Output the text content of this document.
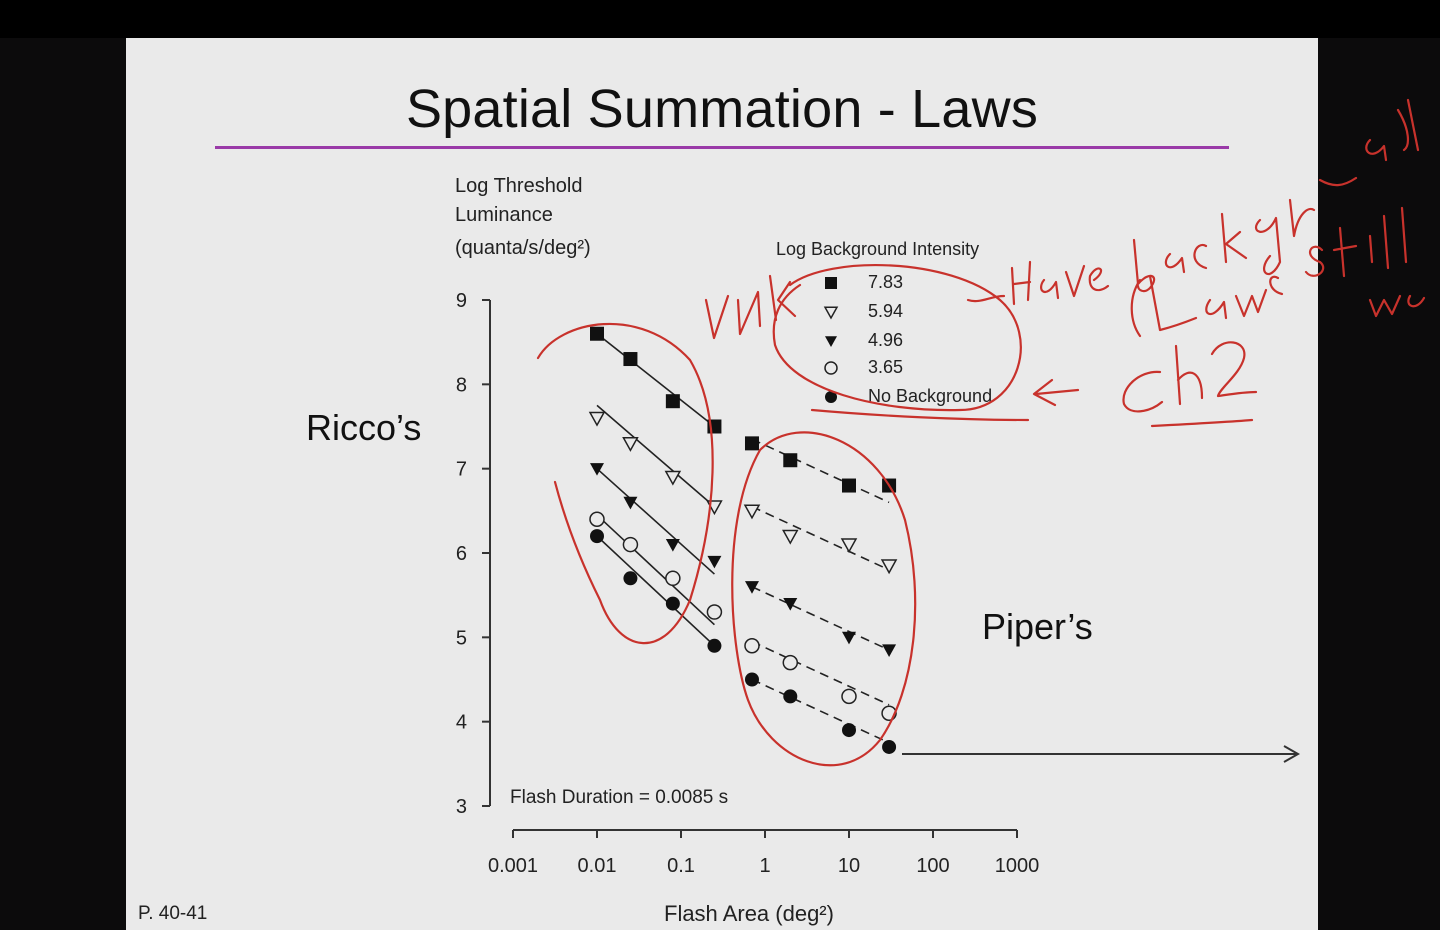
Spatial Summation - Laws
Log Threshold
Luminance
(quanta/s/deg²)	Log Background Intensity
7.83
5.94
4.96
3.65
No Background
Ricco’s
Piper’s
Flash Duration = 0.0085 s
Flash Area (deg²)
P. 40-41
3
4
5
6
7
8
9
0.001 0.01	0.1	1	10	100 1000
